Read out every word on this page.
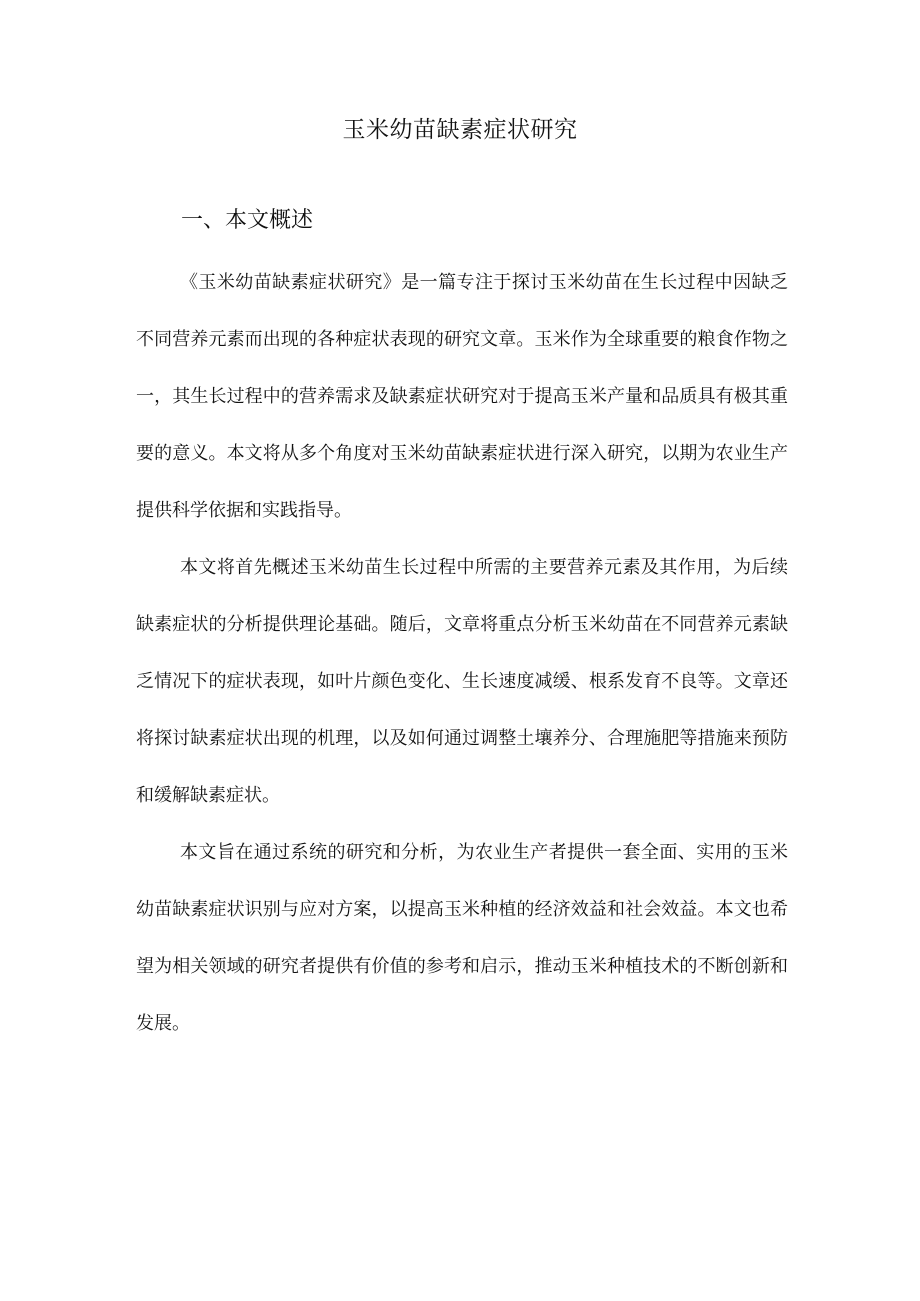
玉米幼苗缺素症状研究
一、本文概述

《玉米幼苗缺素症状研究》是一篇专注于探讨玉米幼苗在生长过程中因缺乏不同营养元素而出现的各种症状表现的研究文章。玉米作为全球重要的粮食作物之一，其生长过程中的营养需求及缺素症状研究对于提高玉米产量和品质具有极其重要的意义。本文将从多个角度对玉米幼苗缺素症状进行深入研究，以期为农业生产提供科学依据和实践指导。

本文将首先概述玉米幼苗生长过程中所需的主要营养元素及其作用，为后续缺素症状的分析提供理论基础。随后，文章将重点分析玉米幼苗在不同营养元素缺乏情况下的症状表现，如叶片颜色变化、生长速度减缓、根系发育不良等。文章还将探讨缺素症状出现的机理，以及如何通过调整土壤养分、合理施肥等措施来预防和缓解缺素症状。

本文旨在通过系统的研究和分析，为农业生产者提供一套全面、实用的玉米幼苗缺素症状识别与应对方案，以提高玉米种植的经济效益和社会效益。本文也希望为相关领域的研究者提供有价值的参考和启示，推动玉米种植技术的不断创新和发展。
